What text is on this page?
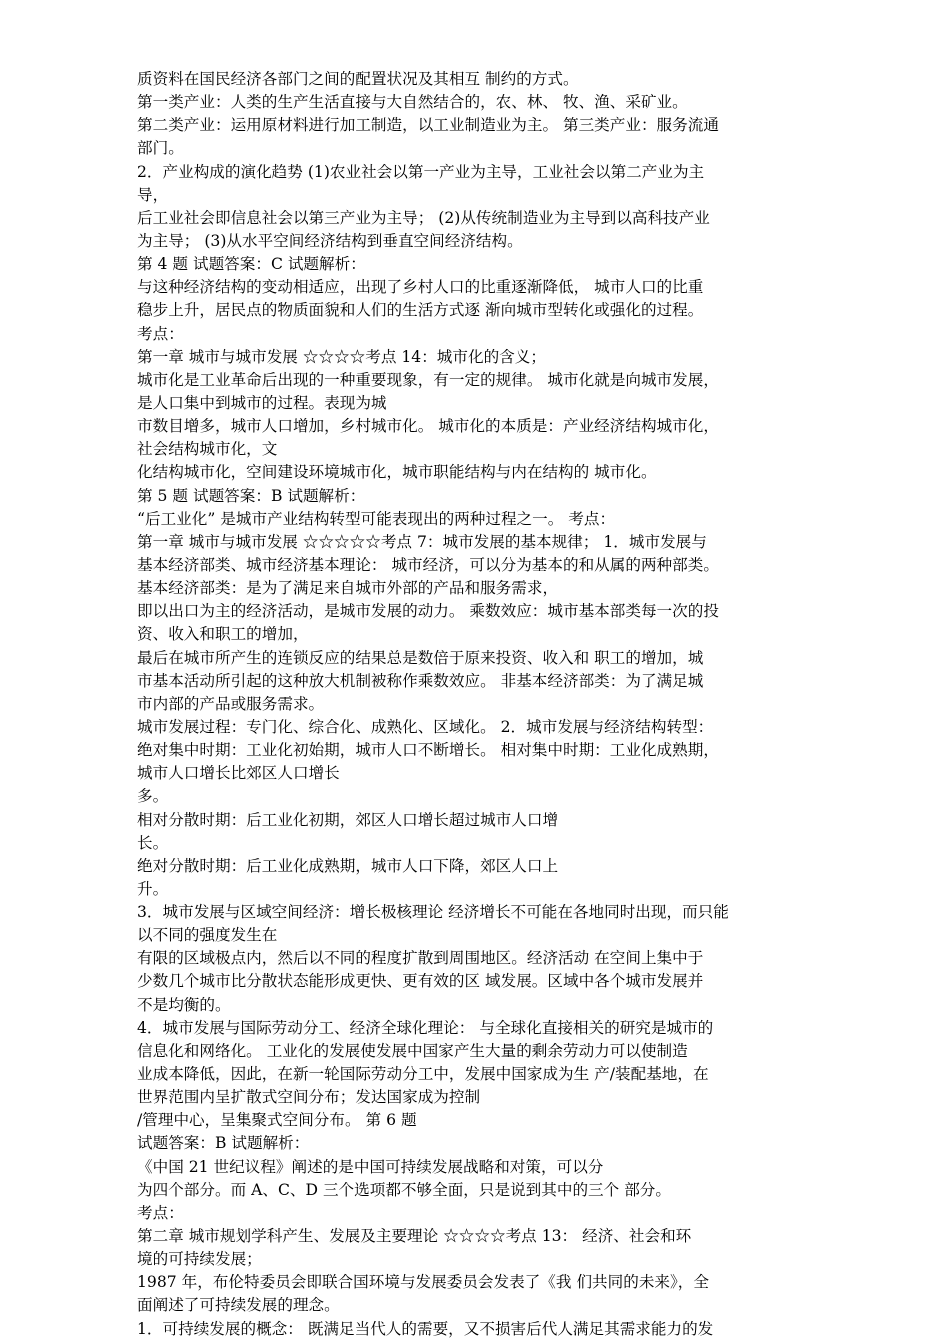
质资料在国民经济各部门之间的配置状况及其相互 制约的方式。
第一类产业：人类的生产生活直接与大自然结合的，农、林、 牧、渔、采矿业。
第二类产业：运用原材料进行加工制造，以工业制造业为主。 第三类产业：服务流通
部门。
2．产业构成的演化趋势 (1)农业社会以第一产业为主导，工业社会以第二产业为主
导，
后工业社会即信息社会以第三产业为主导； (2)从传统制造业为主导到以高科技产业
为主导； (3)从水平空间经济结构到垂直空间经济结构。
第 4 题 试题答案：C 试题解析：
与这种经济结构的变动相适应，出现了乡村人口的比重逐渐降低， 城市人口的比重
稳步上升，居民点的物质面貌和人们的生活方式逐 渐向城市型转化或强化的过程。
考点：
第一章 城市与城市发展 ☆☆☆☆考点 14：城市化的含义；
城市化是工业革命后出现的一种重要现象，有一定的规律。 城市化就是向城市发展，
是人口集中到城市的过程。表现为城
市数目增多，城市人口增加，乡村城市化。 城市化的本质是：产业经济结构城市化，
社会结构城市化，文
化结构城市化，空间建设环境城市化，城市职能结构与内在结构的 城市化。
第 5 题 试题答案：B 试题解析：
“后工业化” 是城市产业结构转型可能表现出的两种过程之一。 考点：
第一章 城市与城市发展 ☆☆☆☆☆考点 7：城市发展的基本规律； 1．城市发展与
基本经济部类、城市经济基本理论： 城市经济，可以分为基本的和从属的两种部类。
基本经济部类：是为了满足来自城市外部的产品和服务需求，
即以出口为主的经济活动，是城市发展的动力。 乘数效应：城市基本部类每一次的投
资、收入和职工的增加，
最后在城市所产生的连锁反应的结果总是数倍于原来投资、收入和 职工的增加，城
市基本活动所引起的这种放大机制被称作乘数效应。 非基本经济部类：为了满足城
市内部的产品或服务需求。
城市发展过程：专门化、综合化、成熟化、区域化。 2．城市发展与经济结构转型：
绝对集中时期：工业化初始期，城市人口不断增长。 相对集中时期：工业化成熟期，
城市人口增长比郊区人口增长
多。
相对分散时期：后工业化初期，郊区人口增长超过城市人口增
长。
绝对分散时期：后工业化成熟期，城市人口下降，郊区人口上
升。
3．城市发展与区域空间经济：增长极核理论 经济增长不可能在各地同时出现，而只能
以不同的强度发生在
有限的区域极点内，然后以不同的程度扩散到周围地区。经济活动 在空间上集中于
少数几个城市比分散状态能形成更快、更有效的区 域发展。区域中各个城市发展并
不是均衡的。
4．城市发展与国际劳动分工、经济全球化理论： 与全球化直接相关的研究是城市的
信息化和网络化。 工业化的发展使发展中国家产生大量的剩余劳动力可以使制造
业成本降低，因此，在新一轮国际劳动分工中，发展中国家成为生 产/装配基地，在
世界范围内呈扩散式空间分布；发达国家成为控制
/管理中心，呈集聚式空间分布。 第 6 题
试题答案：B 试题解析：
《中国 21 世纪议程》阐述的是中国可持续发展战略和对策，可以分
为四个部分。而 A、C、D 三个选项都不够全面，只是说到其中的三个 部分。
考点：
第二章 城市规划学科产生、发展及主要理论 ☆☆☆☆考点 13： 经济、社会和环
境的可持续发展；
1987 年，布伦特委员会即联合国环境与发展委员会发表了《我 们共同的未来》，全
面阐述了可持续发展的理念。
1．可持续发展的概念： 既满足当代人的需要，又不损害后代人满足其需求能力的发
